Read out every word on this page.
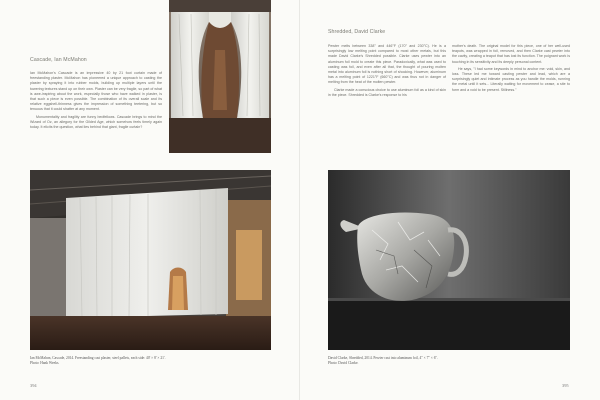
Cascade, Ian McMahon

Ian McMahon's Cascade is an impressive 40 by 21 foot curtain made of freestanding plaster. McMahon has pioneered a unique approach to casting the plaster by spraying it into rubber molds, building up multiple layers until the towering textures stand up on their own. Plaster can be very fragile, so part of what is awe-inspiring about the work, especially those who have walked in plaster, is that such a piece is even possible. The combination of its overall scale and its relative eggshell-thinness gives the impression of something teetering, but so tenuous that it could shatter at any moment.

Monumentality and fragility are funny bedfellows. Cascade brings to mind the Wizard of Oz, an allegory for the Gilded Age, which somehow feels timely again today. It elicits the question, what lies behind that giant, fragile curtain?

Ian McMahon, Cascade, 2014. Freestanding cast plaster, steel pallets, each side: 40' × 8' × 21'.
Photo: Hank Weeks.
394
Shredded, David Clarke

Pewter melts between 338° and 446°F (170° and 230°C). He is a surprisingly low melting point compared to most other metals, but this made David Clarke's Shredded possible. Clarke uses pewter into an aluminum foil mold to create this piece. Paradoxically, what was used to casting was foil, and even after all that, the thought of pouring molten metal into aluminum foil is nothing short of shocking. However, aluminum has a melting point of 1221°F (660°C) and was thus not in danger of melting from the heat of the molten pewter.

Clarke made a conscious choice to use aluminum foil as a kind of skin in the piece. Shredded is Clarke's response to his

mother's death. The original model for this piece, one of her well-used teapots, was wrapped in foil, removed, and then Clarke cast pewter into the cavity, creating a teapot that has lost its function. The poignant work is touching in its sensitivity and its deeply personal content.

He says, "I had some keywords in mind to anchor me: void, skin, and loss. These led me toward casting pewter and lead, which are a surprisingly quiet and intimate process as you handle the molds, running the metal until it sets... Literally waiting for movement to cease, a site to form and a void to be present. Stillness."

David Clarke, Shredded, 2014. Pewter cast into aluminum foil, 4" × 7" × 6".
Photo: David Clarke.
395
